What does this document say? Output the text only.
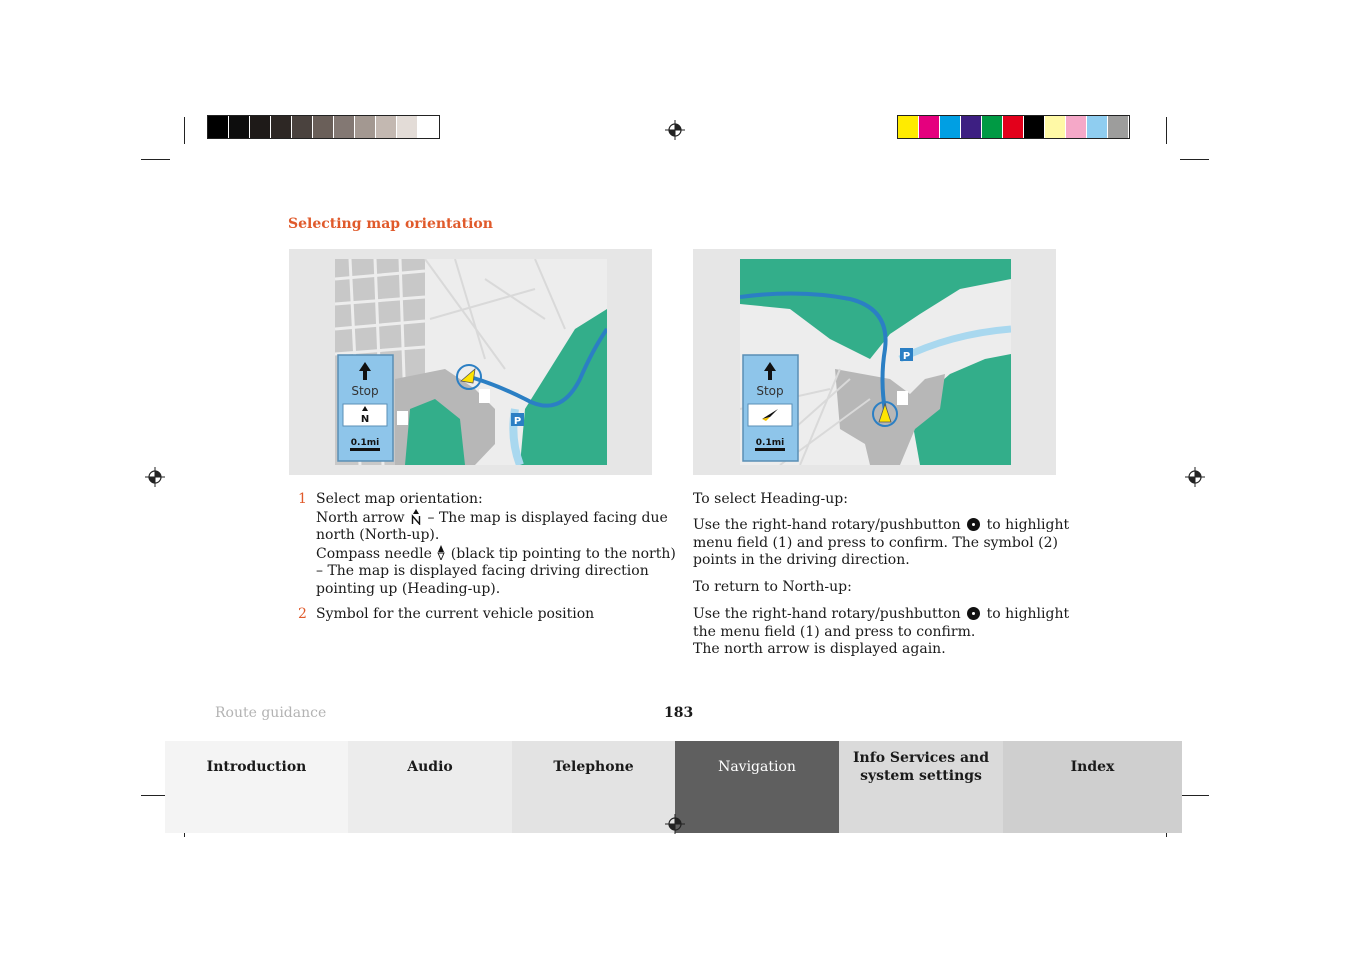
Selecting map orientation
P
Stop
N
0.1mi
P
Stop
0.1mi
1 Select map orientation:
North arrow – The map is displayed facing due
north (North-up).
Compass needle (black tip pointing to the north)
– The map is displayed facing driving direction
pointing up (Heading-up).
2 Symbol for the current vehicle position
To select Heading-up:
Use the right-hand rotary/pushbutton to highlight
menu field (1) and press to confirm. The symbol (2)
points in the driving direction.
To return to North-up:
Use the right-hand rotary/pushbutton to highlight
the menu field (1) and press to confirm.
The north arrow is displayed again.
Route guidance	183
Introduction	Audio	Telephone	Navigation
Info Services and
system settings
Index
